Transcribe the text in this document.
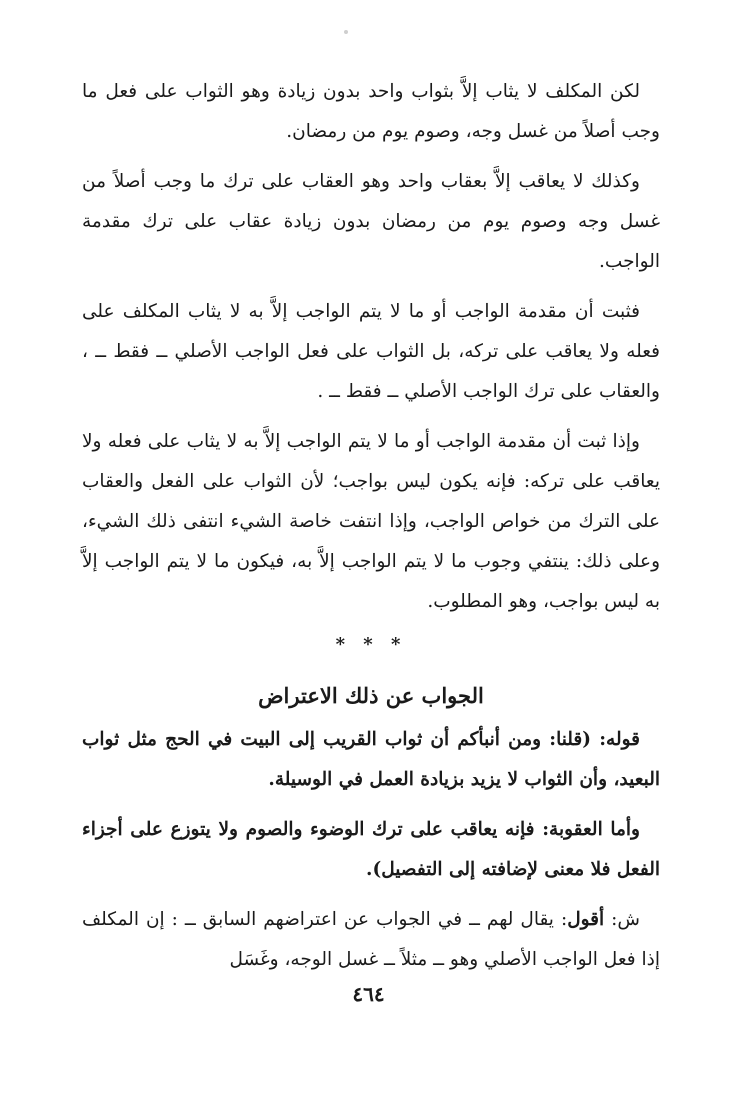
لكن المكلف لا يثاب إلاَّ بثواب واحد بدون زيادة وهو الثواب على فعل ما وجب أصلاً من غسل وجه، وصوم يوم من رمضان.

وكذلك لا يعاقب إلاَّ بعقاب واحد وهو العقاب على ترك ما وجب أصلاً من غسل وجه وصوم يوم من رمضان بدون زيادة عقاب على ترك مقدمة الواجب.

فثبت أن مقدمة الواجب أو ما لا يتم الواجب إلاَّ به لا يثاب المكلف على فعله ولا يعاقب على تركه، بل الثواب على فعل الواجب الأصلي ــ فقط ــ ، والعقاب على ترك الواجب الأصلي ــ فقط ــ .

وإذا ثبت أن مقدمة الواجب أو ما لا يتم الواجب إلاَّ به لا يثاب على فعله ولا يعاقب على تركه: فإنه يكون ليس بواجب؛ لأن الثواب على الفعل والعقاب على الترك من خواص الواجب، وإذا انتفت خاصة الشيء انتفى ذلك الشيء، وعلى ذلك: ينتفي وجوب ما لا يتم الواجب إلاَّ به، فيكون ما لا يتم الواجب إلاَّ به ليس بواجب، وهو المطلوب.

* * *
الجواب عن ذلك الاعتراض

قوله: (قلنا: ومن أنبأكم أن ثواب القريب إلى البيت في الحج مثل ثواب البعيد، وأن الثواب لا يزيد بزيادة العمل في الوسيلة.

وأما العقوبة: فإنه يعاقب على ترك الوضوء والصوم ولا يتوزع على أجزاء الفعل فلا معنى لإضافته إلى التفصيل).

ش: أقول: يقال لهم ــ في الجواب عن اعتراضهم السابق ــ : إن المكلف إذا فعل الواجب الأصلي وهو ــ مثلاً ــ غسل الوجه، وغَسَل

٤٦٤
